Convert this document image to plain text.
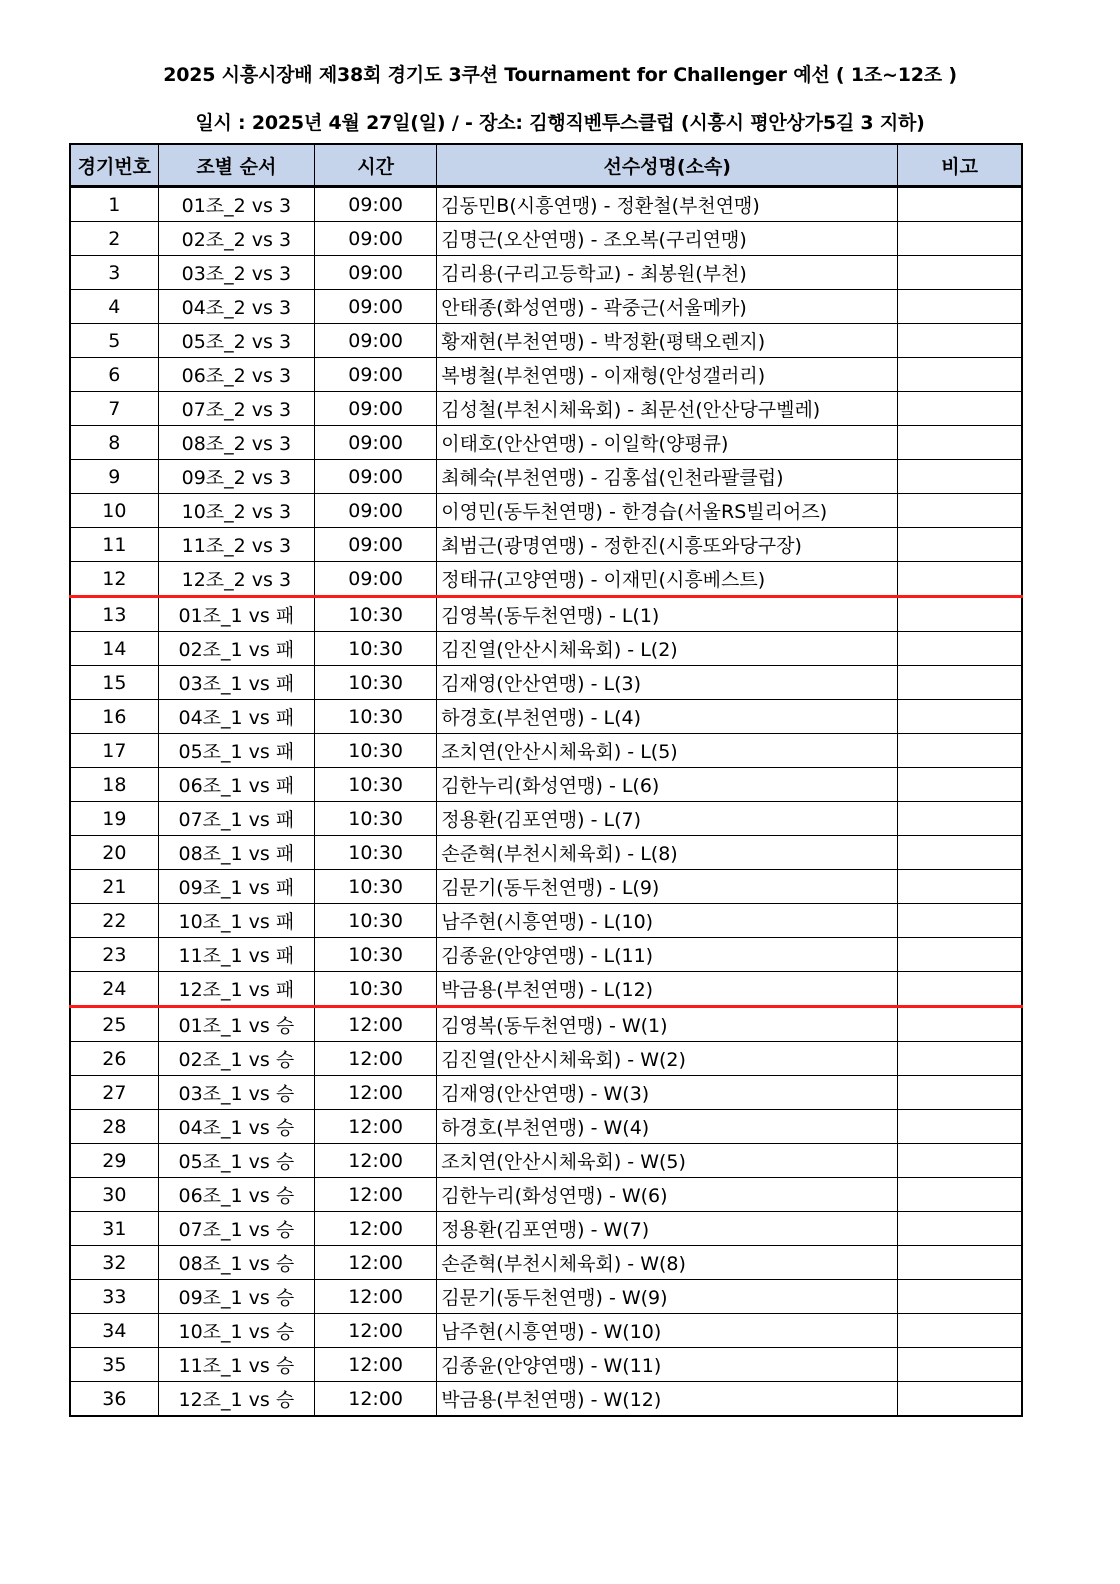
2025 시흥시장배 제38회 경기도 3쿠션 Tournament for Challenger 예선 ( 1조~12조 )
일시 : 2025년 4월 27일(일) / - 장소: 김행직벤투스클럽 (시흥시 평안상가5길 3 지하)
경기번호	조별 순서	시간	선수성명(소속)	비고
1	01조_2 vs 3	09:00	김동민B(시흥연맹) - 정환철(부천연맹)	
2	02조_2 vs 3	09:00	김명근(오산연맹) - 조오복(구리연맹)	
3	03조_2 vs 3	09:00	김리용(구리고등학교) - 최봉원(부천)	
4	04조_2 vs 3	09:00	안태종(화성연맹) - 곽중근(서울메카)	
5	05조_2 vs 3	09:00	황재현(부천연맹) - 박정환(평택오렌지)	
6	06조_2 vs 3	09:00	복병철(부천연맹) - 이재형(안성갤러리)	
7	07조_2 vs 3	09:00	김성철(부천시체육회) - 최문선(안산당구벨레)	
8	08조_2 vs 3	09:00	이태호(안산연맹) - 이일학(양평큐)	
9	09조_2 vs 3	09:00	최혜숙(부천연맹) - 김홍섭(인천라팔클럽)	
10	10조_2 vs 3	09:00	이영민(동두천연맹) - 한경습(서울RS빌리어즈)	
11	11조_2 vs 3	09:00	최범근(광명연맹) - 정한진(시흥또와당구장)	
12	12조_2 vs 3	09:00	정태규(고양연맹) - 이재민(시흥베스트)	
13	01조_1 vs 패	10:30	김영복(동두천연맹) - L(1)	
14	02조_1 vs 패	10:30	김진열(안산시체육회) - L(2)	
15	03조_1 vs 패	10:30	김재영(안산연맹) - L(3)	
16	04조_1 vs 패	10:30	하경호(부천연맹) - L(4)	
17	05조_1 vs 패	10:30	조치연(안산시체육회) - L(5)	
18	06조_1 vs 패	10:30	김한누리(화성연맹) - L(6)	
19	07조_1 vs 패	10:30	정용환(김포연맹) - L(7)	
20	08조_1 vs 패	10:30	손준혁(부천시체육회) - L(8)	
21	09조_1 vs 패	10:30	김문기(동두천연맹) - L(9)	
22	10조_1 vs 패	10:30	남주현(시흥연맹) - L(10)	
23	11조_1 vs 패	10:30	김종윤(안양연맹) - L(11)	
24	12조_1 vs 패	10:30	박금용(부천연맹) - L(12)	
25	01조_1 vs 승	12:00	김영복(동두천연맹) - W(1)	
26	02조_1 vs 승	12:00	김진열(안산시체육회) - W(2)	
27	03조_1 vs 승	12:00	김재영(안산연맹) - W(3)	
28	04조_1 vs 승	12:00	하경호(부천연맹) - W(4)	
29	05조_1 vs 승	12:00	조치연(안산시체육회) - W(5)	
30	06조_1 vs 승	12:00	김한누리(화성연맹) - W(6)	
31	07조_1 vs 승	12:00	정용환(김포연맹) - W(7)	
32	08조_1 vs 승	12:00	손준혁(부천시체육회) - W(8)	
33	09조_1 vs 승	12:00	김문기(동두천연맹) - W(9)	
34	10조_1 vs 승	12:00	남주현(시흥연맹) - W(10)	
35	11조_1 vs 승	12:00	김종윤(안양연맹) - W(11)	
36	12조_1 vs 승	12:00	박금용(부천연맹) - W(12)	
